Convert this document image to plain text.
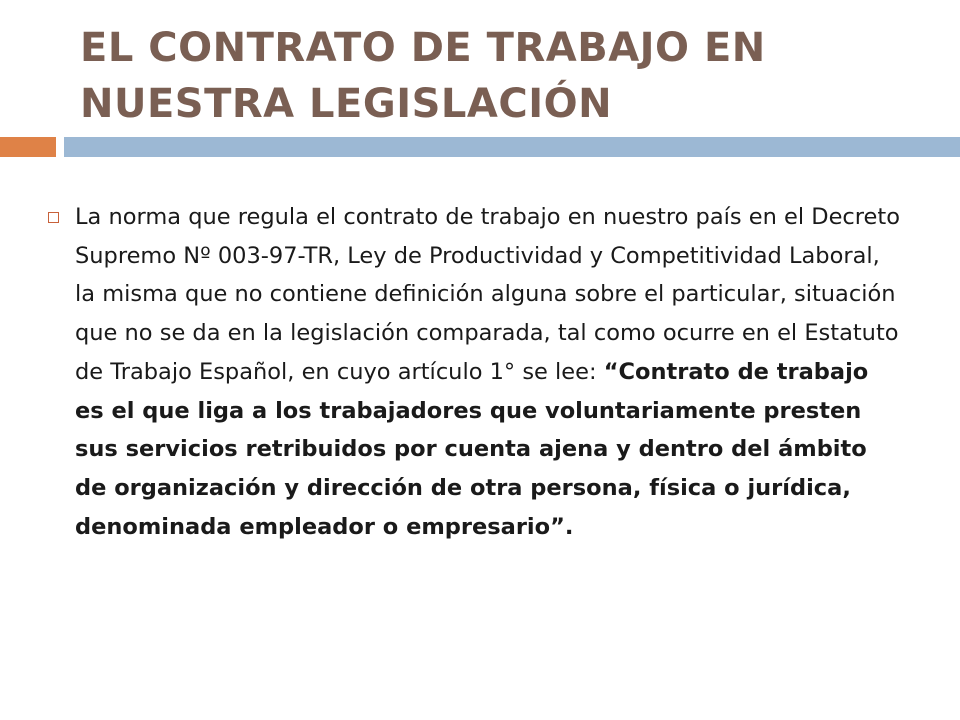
EL CONTRATO DE TRABAJO EN
NUESTRA LEGISLACIÓN

La norma que regula el contrato de trabajo en nuestro país en el Decreto Supremo Nº 003-97-TR, Ley de Productividad y Competitividad Laboral, la misma que no contiene definición alguna sobre el particular, situación que no se da en la legislación comparada, tal como ocurre en el Estatuto de Trabajo Español, en cuyo artículo 1° se lee: “Contrato de trabajo es el que liga a los trabajadores que voluntariamente presten sus servicios retribuidos por cuenta ajena y dentro del ámbito de organización y dirección de otra persona, física o jurídica, denominada empleador o empresario”.
